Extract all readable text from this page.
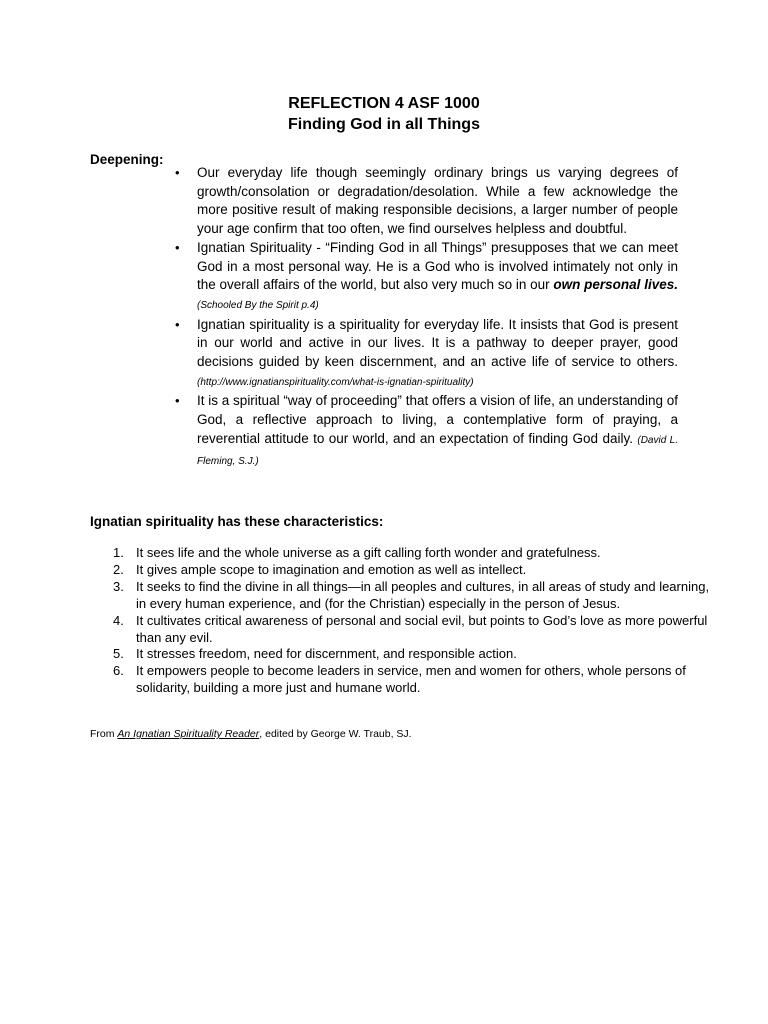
REFLECTION 4 ASF 1000
Finding God in all Things
Deepening:
• Our everyday life though seemingly ordinary brings us varying degrees of growth/consolation or degradation/desolation. While a few acknowledge the more positive result of making responsible decisions, a larger number of people your age confirm that too often, we find ourselves helpless and doubtful.
• Ignatian Spirituality - “Finding God in all Things” presupposes that we can meet God in a most personal way. He is a God who is involved intimately not only in the overall affairs of the world, but also very much so in our own personal lives. (Schooled By the Spirit p.4)
• Ignatian spirituality is a spirituality for everyday life. It insists that God is present in our world and active in our lives. It is a pathway to deeper prayer, good decisions guided by keen discernment, and an active life of service to others. (http://www.ignatianspirituality.com/what-is-ignatian-spirituality)
• It is a spiritual “way of proceeding” that offers a vision of life, an understanding of God, a reflective approach to living, a contemplative form of praying, a reverential attitude to our world, and an expectation of finding God daily. (David L. Fleming, S.J.)
Ignatian spirituality has these characteristics:
1. It sees life and the whole universe as a gift calling forth wonder and gratefulness.
2. It gives ample scope to imagination and emotion as well as intellect.
3. It seeks to find the divine in all things—in all peoples and cultures, in all areas of study and learning, in every human experience, and (for the Christian) especially in the person of Jesus.
4. It cultivates critical awareness of personal and social evil, but points to God’s love as more powerful than any evil.
5. It stresses freedom, need for discernment, and responsible action.
6. It empowers people to become leaders in service, men and women for others, whole persons of solidarity, building a more just and humane world.
From An Ignatian Spirituality Reader, edited by George W. Traub, SJ.
